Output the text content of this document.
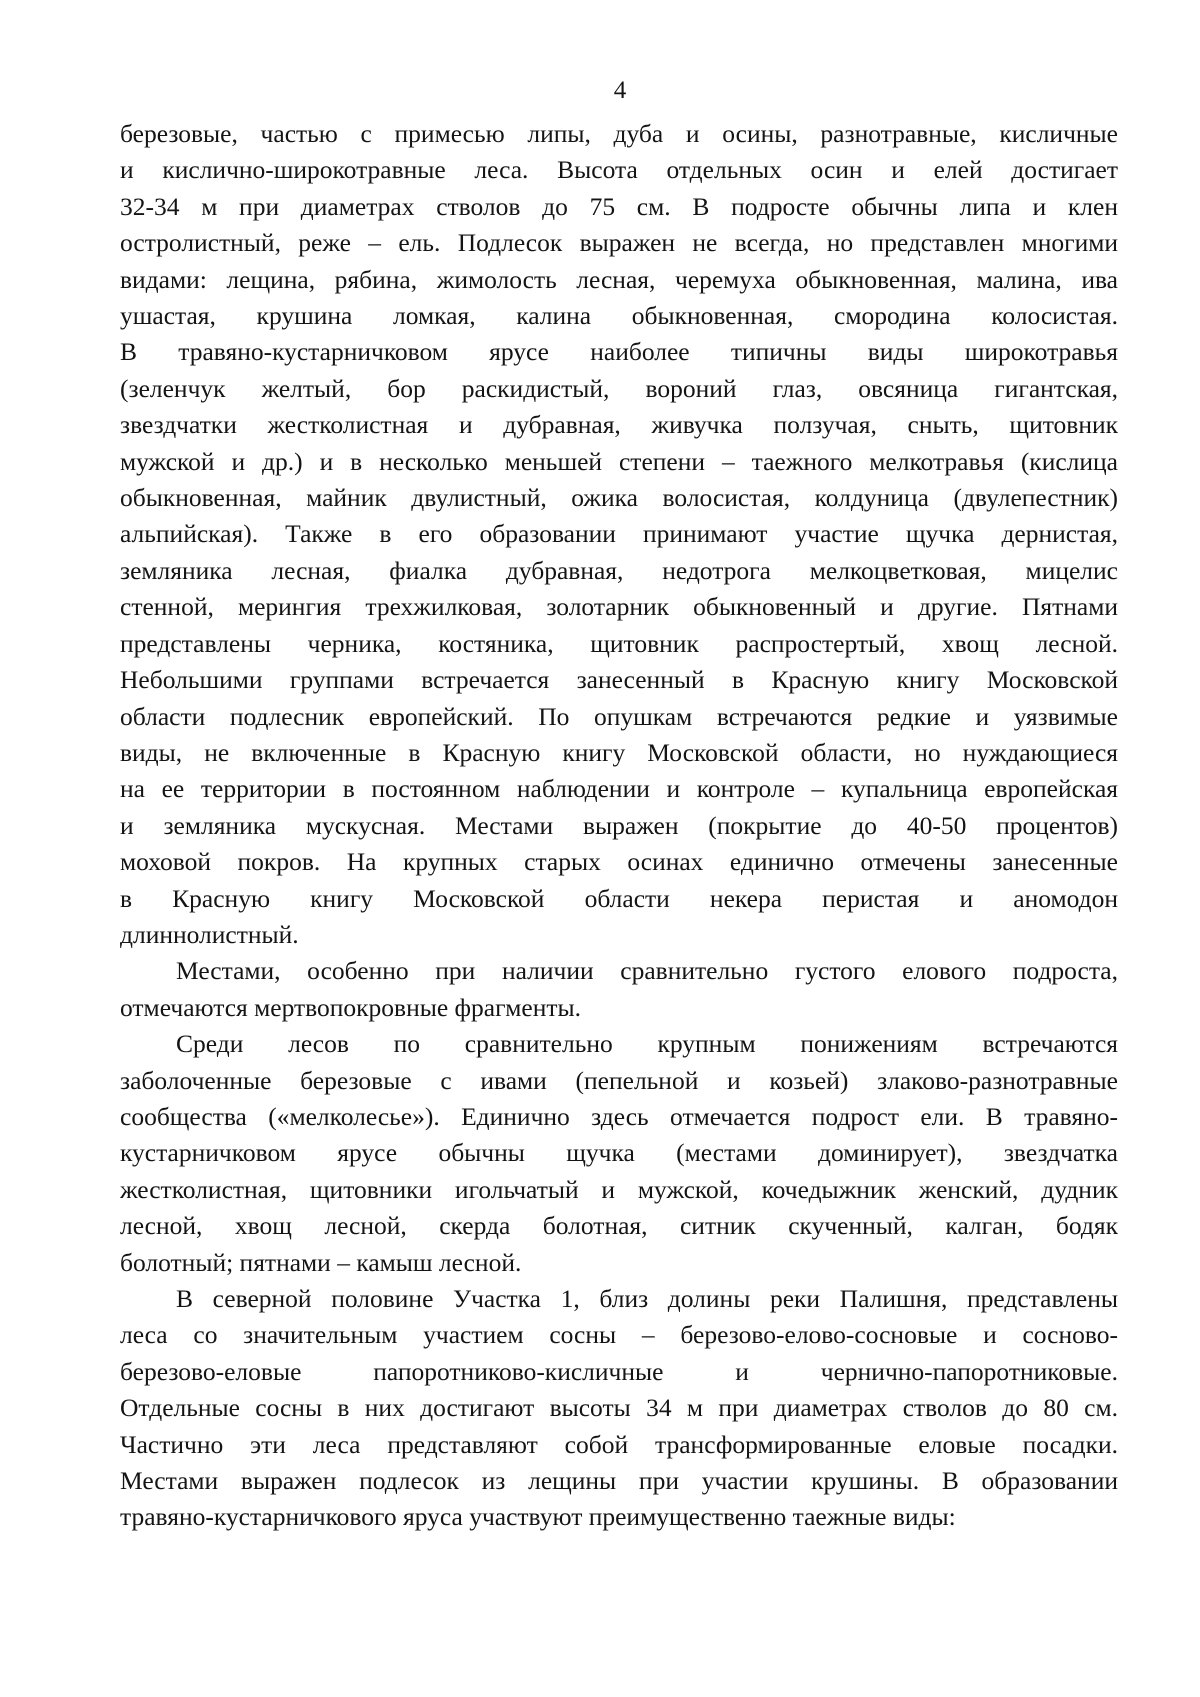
4
березовые, частью с примесью липы, дуба и осины, разнотравные, кисличные
и кислично-широкотравные леса. Высота отдельных осин и елей достигает
32-34 м при диаметрах стволов до 75 см. В подросте обычны липа и клен
остролистный, реже – ель. Подлесок выражен не всегда, но представлен многими
видами: лещина, рябина, жимолость лесная, черемуха обыкновенная, малина, ива
ушастая, крушина ломкая, калина обыкновенная, смородина колосистая.
В травяно-кустарничковом ярусе наиболее типичны виды широкотравья
(зеленчук желтый, бор раскидистый, вороний глаз, овсяница гигантская,
звездчатки жестколистная и дубравная, живучка ползучая, сныть, щитовник
мужской и др.) и в несколько меньшей степени – таежного мелкотравья (кислица
обыкновенная, майник двулистный, ожика волосистая, колдуница (двулепестник)
альпийская). Также в его образовании принимают участие щучка дернистая,
земляника лесная, фиалка дубравная, недотрога мелкоцветковая, мицелис
стенной, мерингия трехжилковая, золотарник обыкновенный и другие. Пятнами
представлены черника, костяника, щитовник распростертый, хвощ лесной.
Небольшими группами встречается занесенный в Красную книгу Московской
области подлесник европейский. По опушкам встречаются редкие и уязвимые
виды, не включенные в Красную книгу Московской области, но нуждающиеся
на ее территории в постоянном наблюдении и контроле – купальница европейская
и земляника мускусная. Местами выражен (покрытие до 40-50 процентов)
моховой покров. На крупных старых осинах единично отмечены занесенные
в Красную книгу Московской области некера перистая и аномодон
длиннолистный.
Местами, особенно при наличии сравнительно густого елового подроста,
отмечаются мертвопокровные фрагменты.
Среди лесов по сравнительно крупным понижениям встречаются
заболоченные березовые с ивами (пепельной и козьей) злаково-разнотравные
сообщества («мелколесье»). Единично здесь отмечается подрост ели. В травяно-
кустарничковом ярусе обычны щучка (местами доминирует), звездчатка
жестколистная, щитовники игольчатый и мужской, кочедыжник женский, дудник
лесной, хвощ лесной, скерда болотная, ситник скученный, калган, бодяк
болотный; пятнами – камыш лесной.
В северной половине Участка 1, близ долины реки Палишня, представлены
леса со значительным участием сосны – березово-елово-сосновые и сосново-
березово-еловые папоротниково-кисличные и чернично-папоротниковые.
Отдельные сосны в них достигают высоты 34 м при диаметрах стволов до 80 см.
Частично эти леса представляют собой трансформированные еловые посадки.
Местами выражен подлесок из лещины при участии крушины. В образовании
травяно-кустарничкового яруса участвуют преимущественно таежные виды:
